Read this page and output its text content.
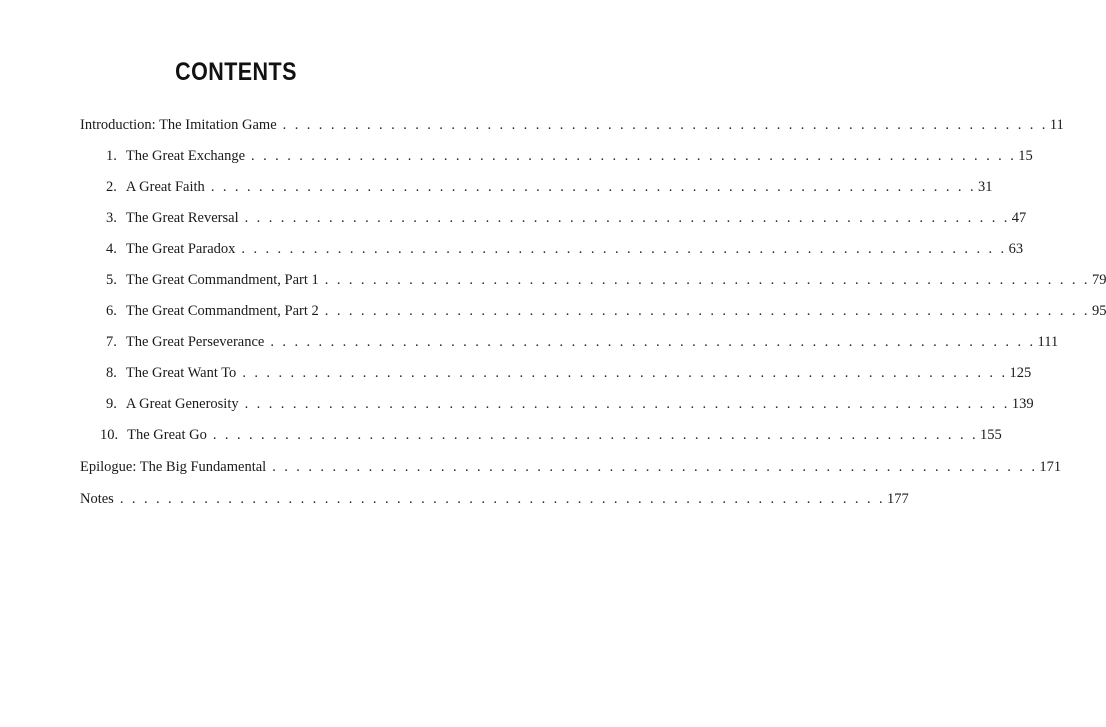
CONTENTS
Introduction: The Imitation Game . . . . . . . . . . . . . . . . . . . . . . . . . . . . . . . . . . . . . . . . . . . . . . . . . . . . . . . . . . . . . . . . 11
1. The Great Exchange . . . . . . . . . . . . . . . . . . . . . . . . . . . . . . . . . . . . . . . . . . . . . . . . . . . . . . . . . . . . . . . . 15
2. A Great Faith . . . . . . . . . . . . . . . . . . . . . . . . . . . . . . . . . . . . . . . . . . . . . . . . . . . . . . . . . . . . . . . . 31
3. The Great Reversal . . . . . . . . . . . . . . . . . . . . . . . . . . . . . . . . . . . . . . . . . . . . . . . . . . . . . . . . . . . . . . . . 47
4. The Great Paradox . . . . . . . . . . . . . . . . . . . . . . . . . . . . . . . . . . . . . . . . . . . . . . . . . . . . . . . . . . . . . . . . 63
5. The Great Commandment, Part 1 . . . . . . . . . . . . . . . . . . . . . . . . . . . . . . . . . . . . . . . . . . . . . . . . . . . . . . . . . . . . . . . . 79
6. The Great Commandment, Part 2 . . . . . . . . . . . . . . . . . . . . . . . . . . . . . . . . . . . . . . . . . . . . . . . . . . . . . . . . . . . . . . . . 95
7. The Great Perseverance . . . . . . . . . . . . . . . . . . . . . . . . . . . . . . . . . . . . . . . . . . . . . . . . . . . . . . . . . . . . . . . . 111
8. The Great Want To . . . . . . . . . . . . . . . . . . . . . . . . . . . . . . . . . . . . . . . . . . . . . . . . . . . . . . . . . . . . . . . . 125
9. A Great Generosity . . . . . . . . . . . . . . . . . . . . . . . . . . . . . . . . . . . . . . . . . . . . . . . . . . . . . . . . . . . . . . . . 139
10. The Great Go . . . . . . . . . . . . . . . . . . . . . . . . . . . . . . . . . . . . . . . . . . . . . . . . . . . . . . . . . . . . . . . . 155
Epilogue: The Big Fundamental . . . . . . . . . . . . . . . . . . . . . . . . . . . . . . . . . . . . . . . . . . . . . . . . . . . . . . . . . . . . . . . . 171
Notes . . . . . . . . . . . . . . . . . . . . . . . . . . . . . . . . . . . . . . . . . . . . . . . . . . . . . . . . . . . . . . . . 177
